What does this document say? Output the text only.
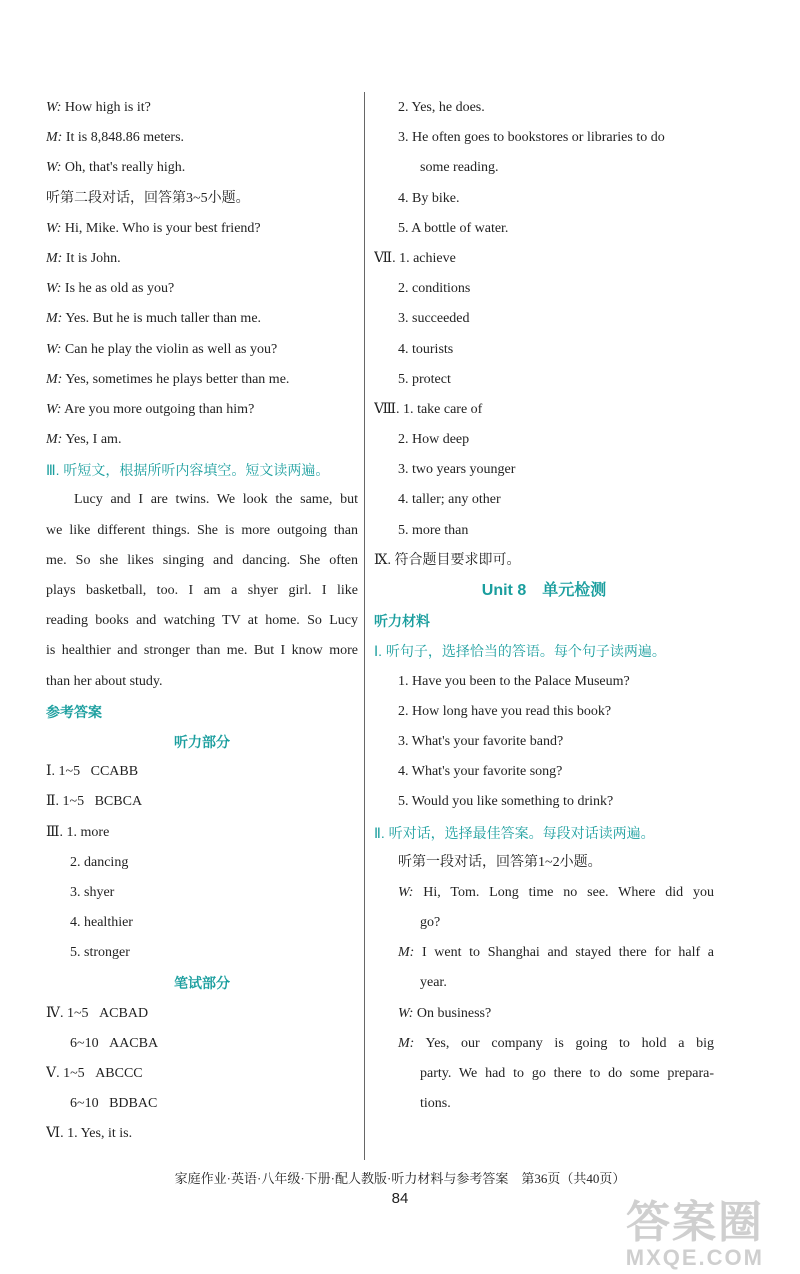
W: How high is it?
M: It is 8,848.86 meters.
W: Oh, that's really high.
听第二段对话，回答第3~5小题。
W: Hi, Mike. Who is your best friend?
M: It is John.
W: Is he as old as you?
M: Yes. But he is much taller than me.
W: Can he play the violin as well as you?
M: Yes, sometimes he plays better than me.
W: Are you more outgoing than him?
M: Yes, I am.
Ⅲ. 听短文，根据所听内容填空。短文读两遍。
Lucy and I are twins. We look the same, but
we like different things. She is more outgoing than
me. So she likes singing and dancing. She often
plays basketball, too. I am a shyer girl. I like
reading books and watching TV at home. So Lucy
is healthier and stronger than me. But I know more
than her about study.
参考答案
听力部分
Ⅰ. 1~5 CCABB
Ⅱ. 1~5 BCBCA
Ⅲ. 1. more
2. dancing
3. shyer
4. healthier
5. stronger
笔试部分
Ⅳ. 1~5 ACBAD
6~10 AACBA
Ⅴ. 1~5 ABCCC
6~10 BDBAC
Ⅵ. 1. Yes, it is.
2. Yes, he does.
3. He often goes to bookstores or libraries to do
some reading.
4. By bike.
5. A bottle of water.
Ⅶ. 1. achieve
2. conditions
3. succeeded
4. tourists
5. protect
Ⅷ. 1. take care of
2. How deep
3. two years younger
4. taller; any other
5. more than
Ⅸ. 符合题目要求即可。
Unit 8　单元检测
听力材料
Ⅰ. 听句子，选择恰当的答语。每个句子读两遍。
1. Have you been to the Palace Museum?
2. How long have you read this book?
3. What's your favorite band?
4. What's your favorite song?
5. Would you like something to drink?
Ⅱ. 听对话，选择最佳答案。每段对话读两遍。
听第一段对话，回答第1~2小题。
W: Hi, Tom. Long time no see. Where did you
go?
M: I went to Shanghai and stayed there for half a
year.
W: On business?
M: Yes, our company is going to hold a big
party. We had to go there to do some prepara-
tions.
家庭作业·英语·八年级·下册·配人教版·听力材料与参考答案　第36页（共40页）
84	答案圈
MXQE.COM
